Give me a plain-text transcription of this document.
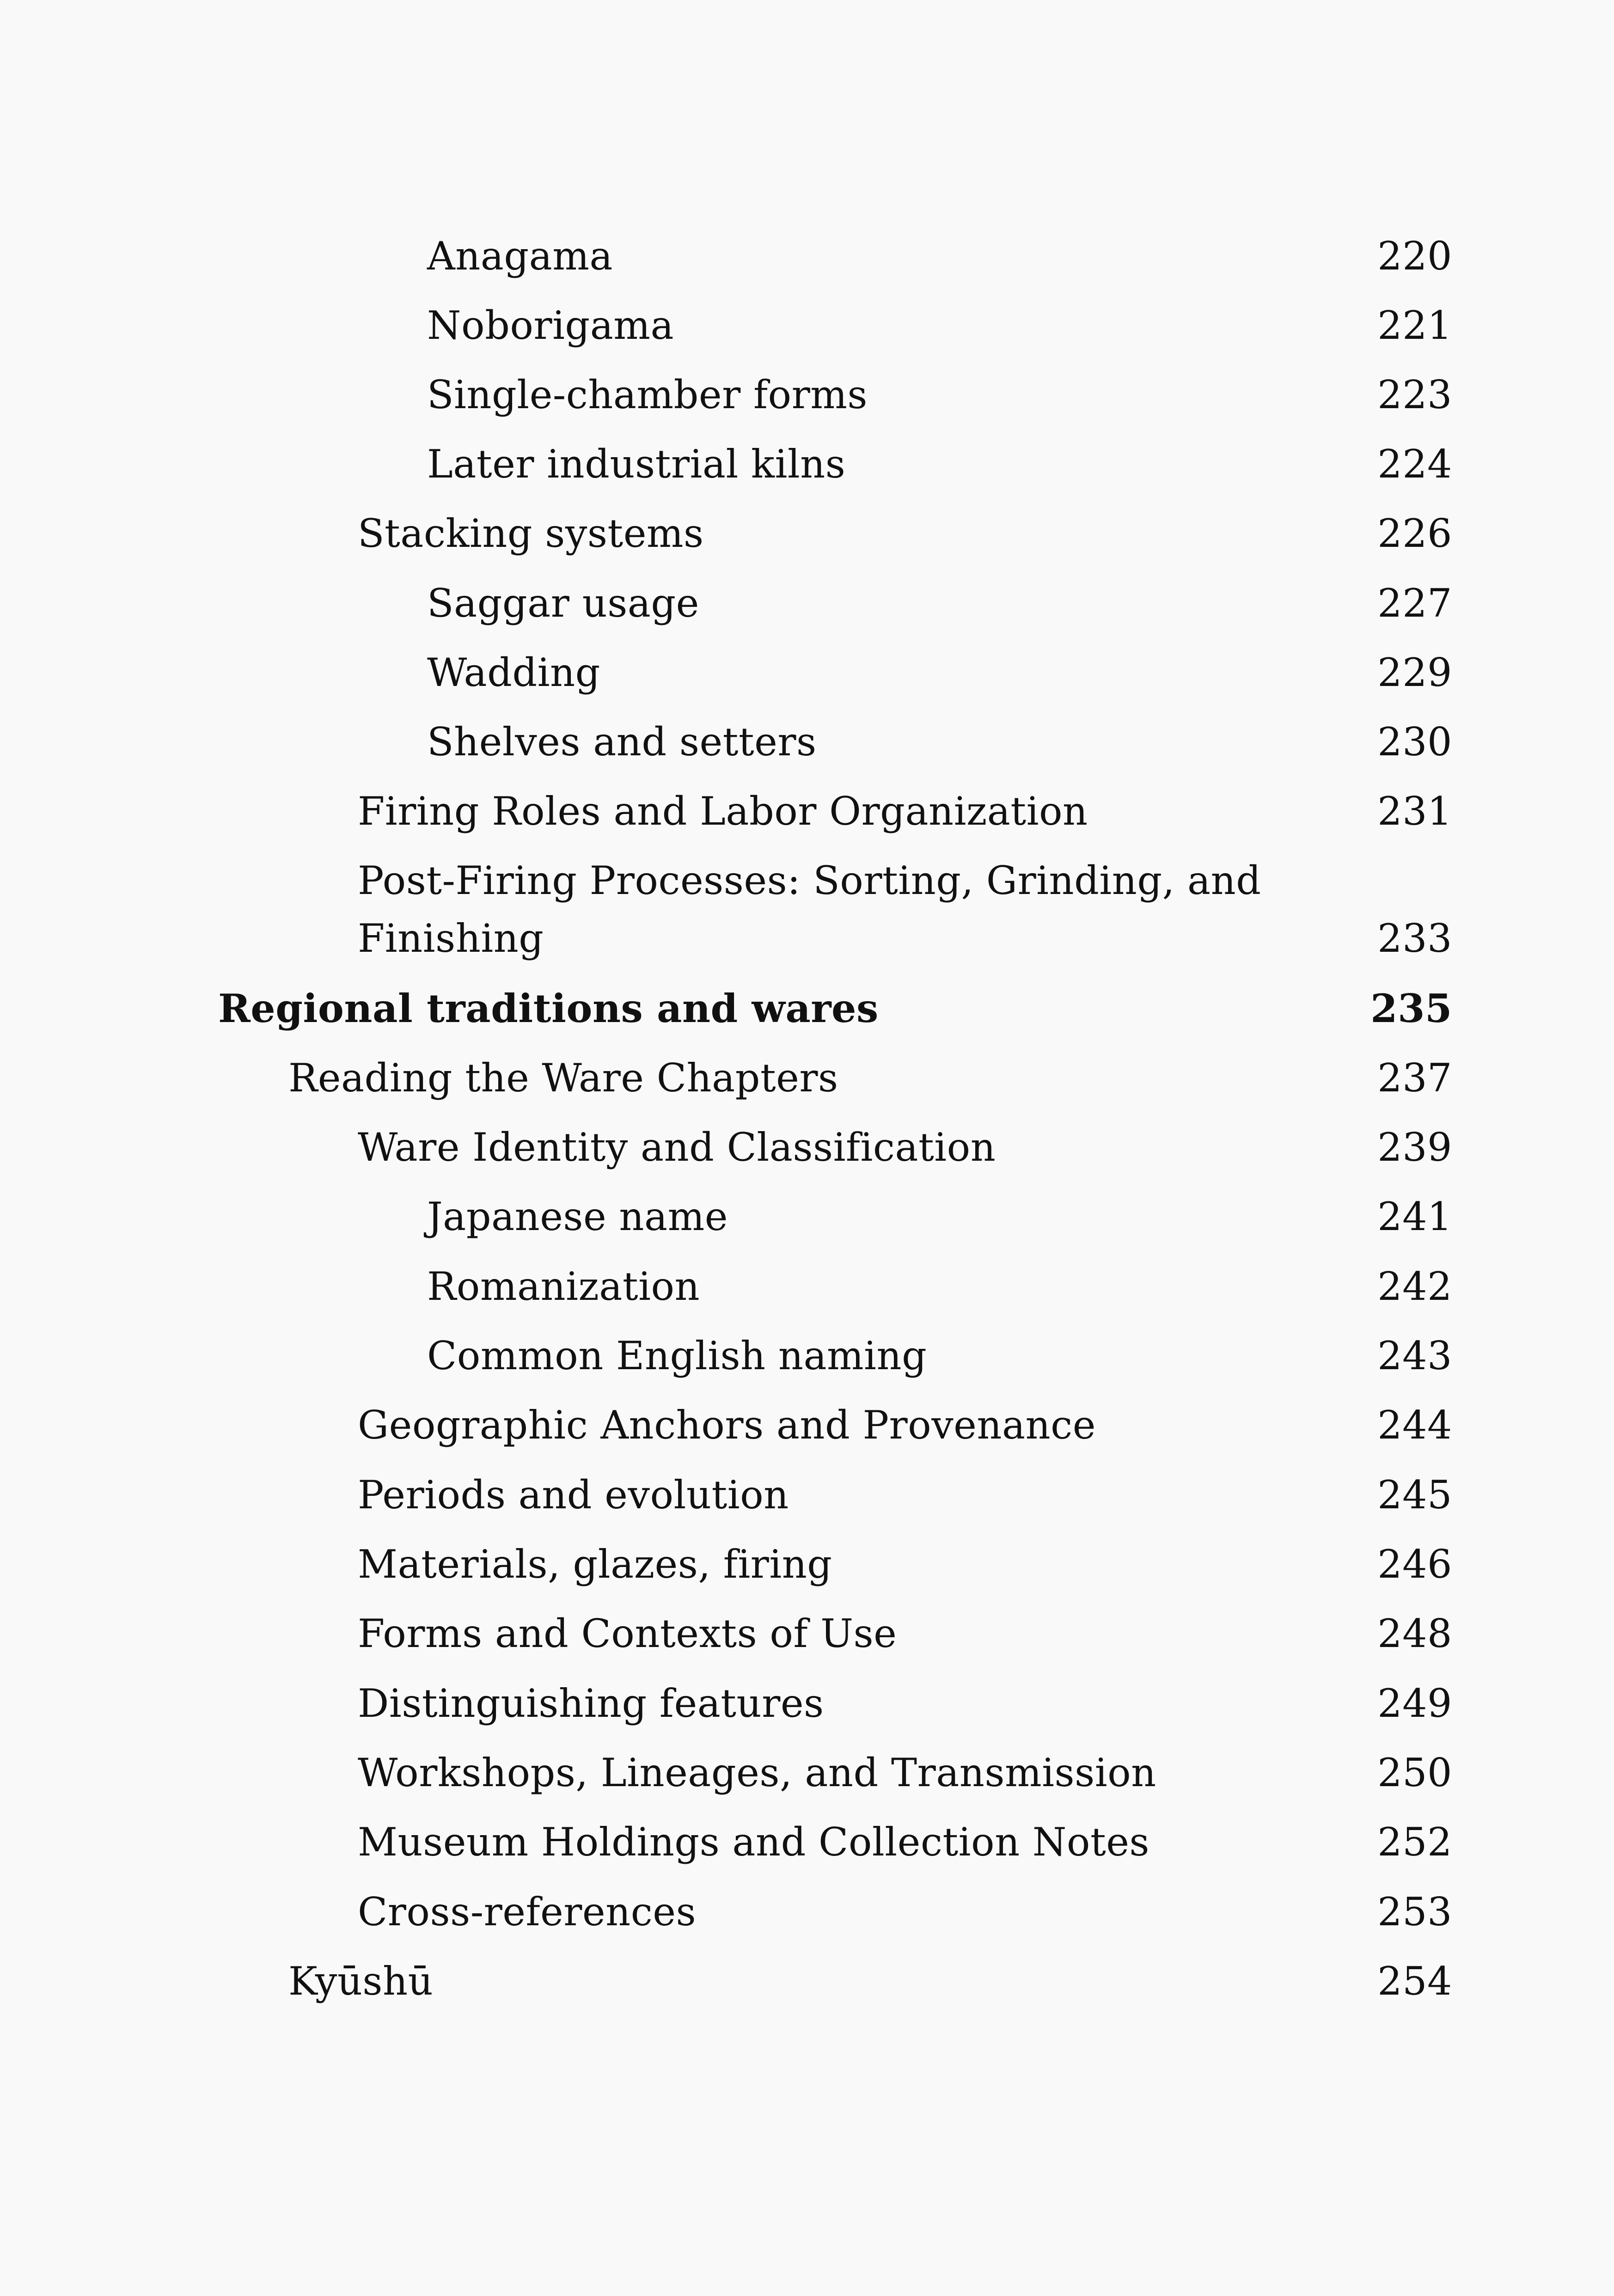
Anagama	220
Noborigama	221
Single-chamber forms	223
Later industrial kilns	224
Stacking systems	226
Saggar usage	227
Wadding	229
Shelves and setters	230
Firing Roles and Labor Organization	231
Post-Firing Processes: Sorting, Grinding, and Finishing	233
Regional traditions and wares	235
Reading the Ware Chapters	237
Ware Identity and Classification	239
Japanese name	241
Romanization	242
Common English naming	243
Geographic Anchors and Provenance	244
Periods and evolution	245
Materials, glazes, firing	246
Forms and Contexts of Use	248
Distinguishing features	249
Workshops, Lineages, and Transmission	250
Museum Holdings and Collection Notes	252
Cross-references	253
Kyūshū	254
